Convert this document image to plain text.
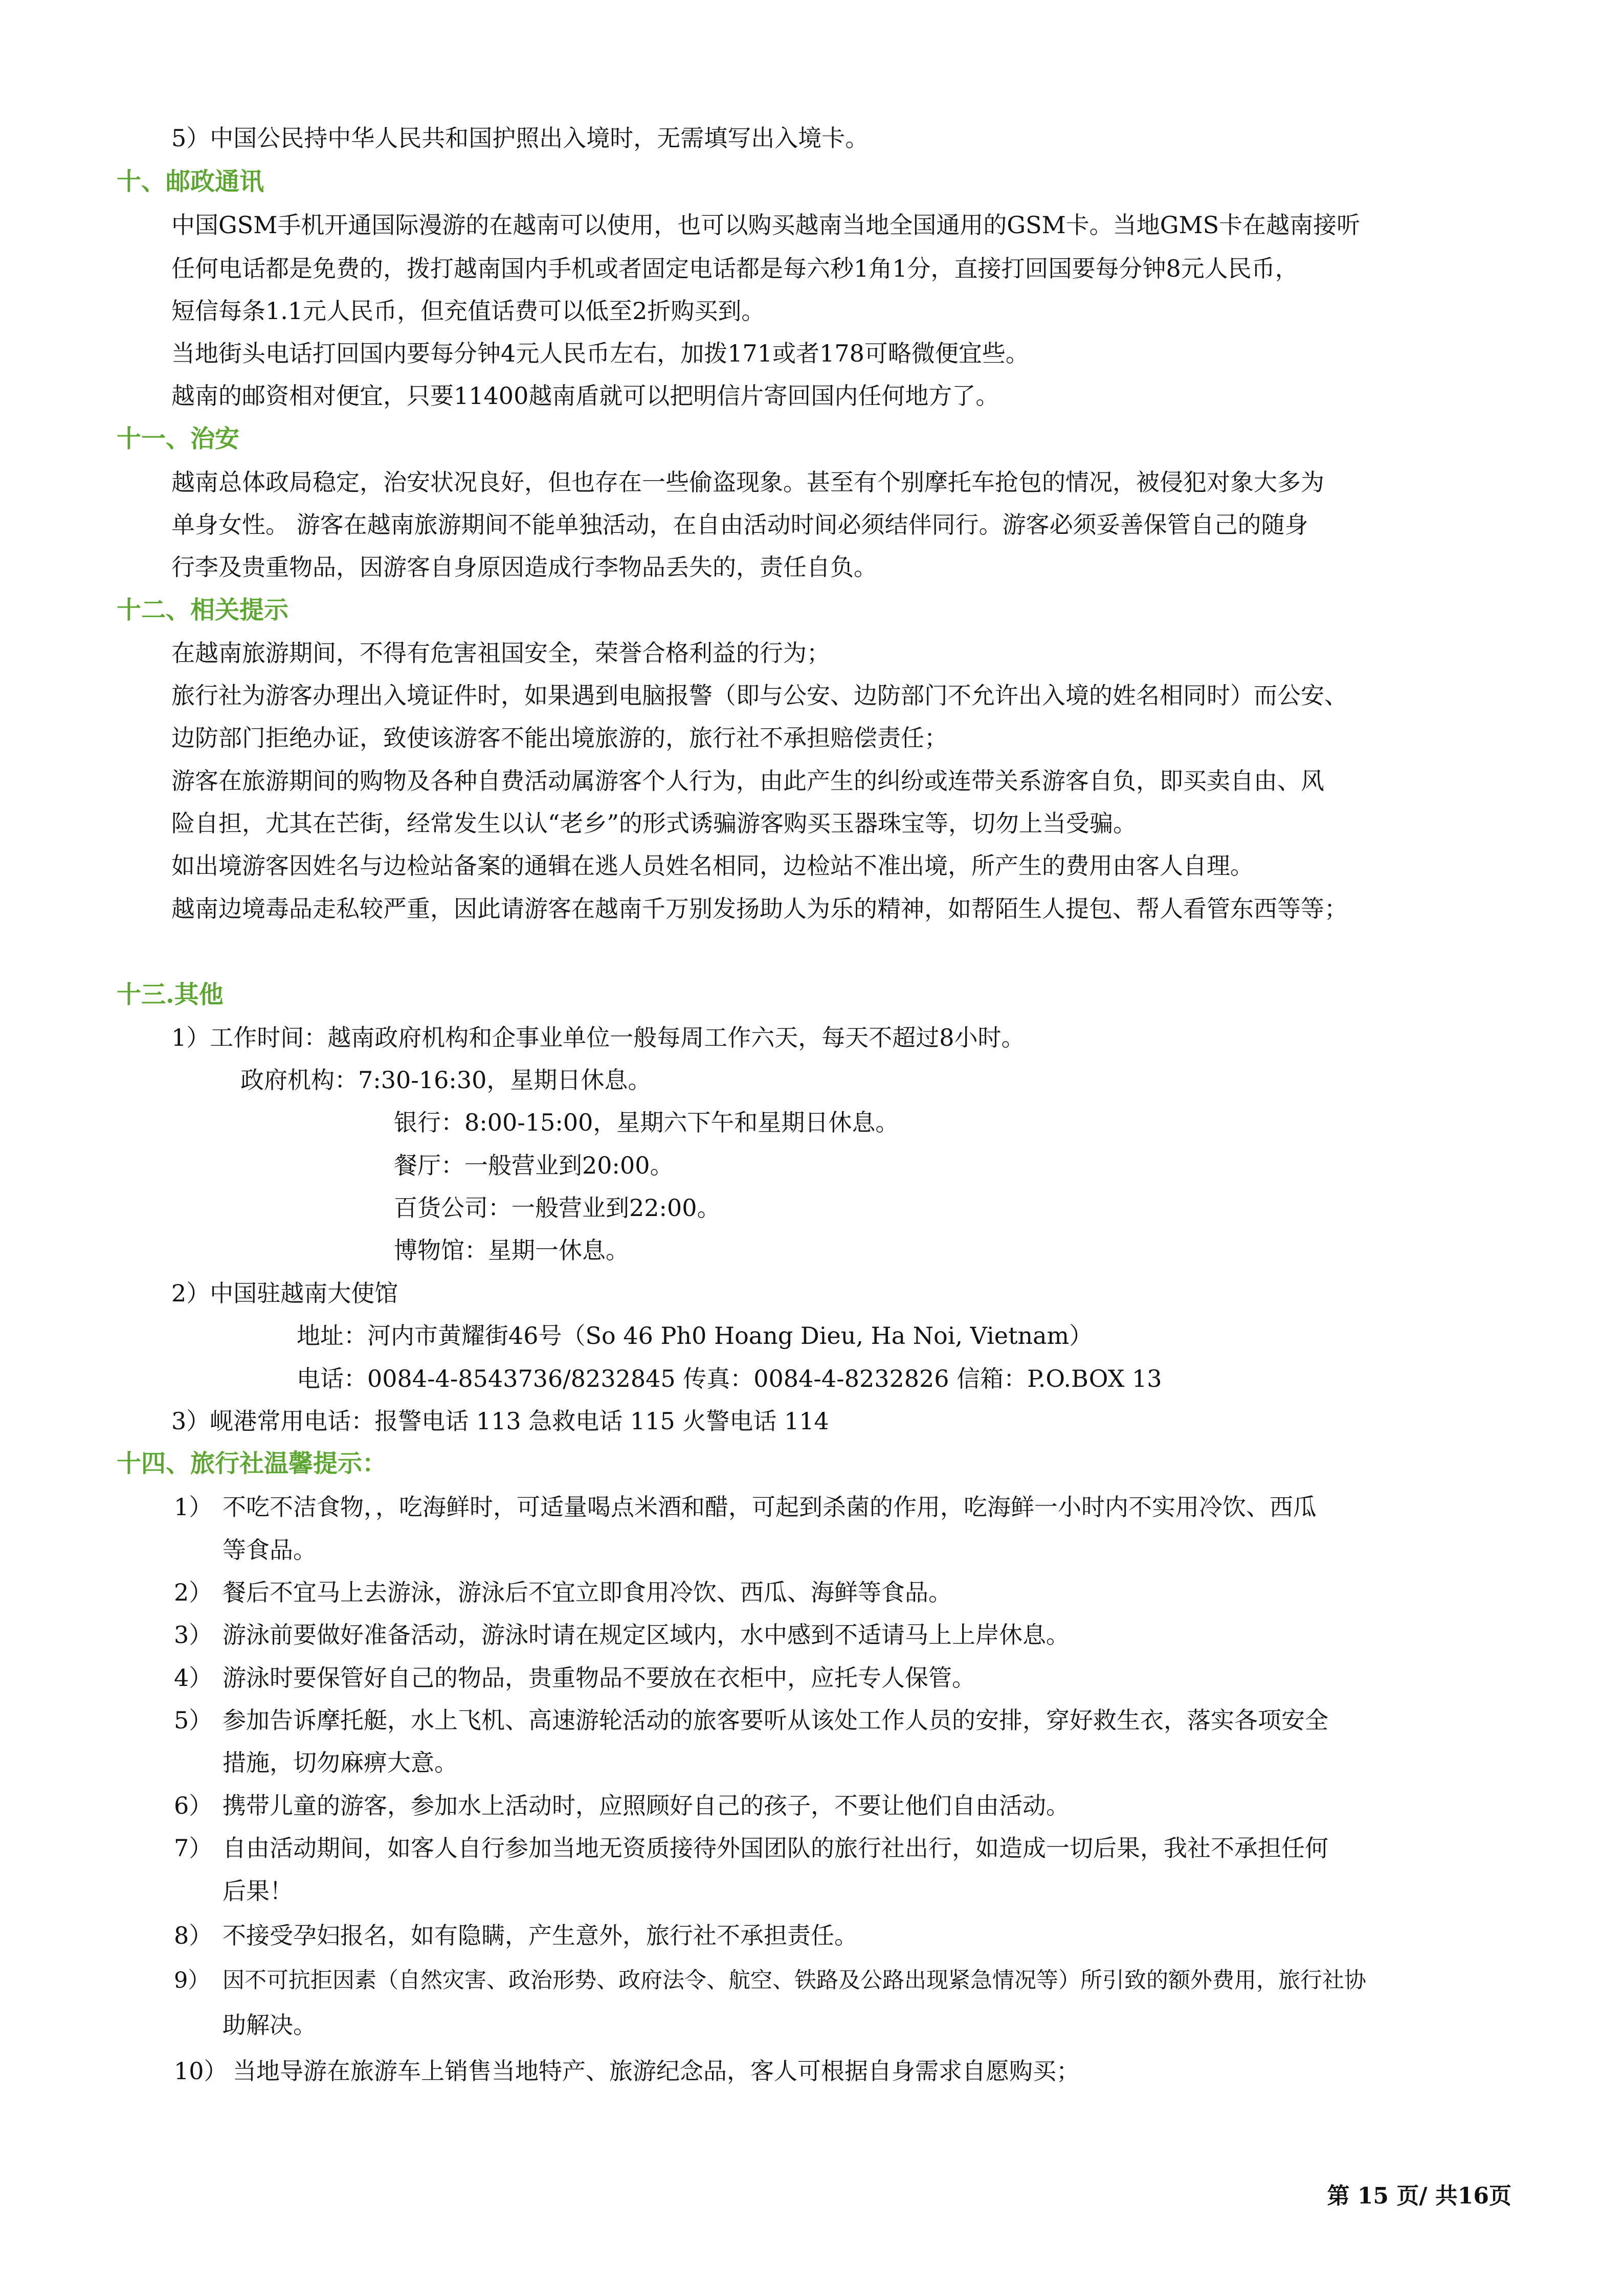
5）中国公民持中华人民共和国护照出入境时，无需填写出入境卡。
十、邮政通讯
中国GSM手机开通国际漫游的在越南可以使用，也可以购买越南当地全国通用的GSM卡。当地GMS卡在越南接听
任何电话都是免费的，拨打越南国内手机或者固定电话都是每六秒1角1分，直接打回国要每分钟8元人民币，
短信每条1.1元人民币，但充值话费可以低至2折购买到。
当地街头电话打回国内要每分钟4元人民币左右，加拨171或者178可略微便宜些。
越南的邮资相对便宜，只要11400越南盾就可以把明信片寄回国内任何地方了。
十一、治安
越南总体政局稳定，治安状况良好，但也存在一些偷盗现象。甚至有个别摩托车抢包的情况，被侵犯对象大多为
单身女性。 游客在越南旅游期间不能单独活动，在自由活动时间必须结伴同行。游客必须妥善保管自己的随身
行李及贵重物品，因游客自身原因造成行李物品丢失的，责任自负。
十二、相关提示
在越南旅游期间，不得有危害祖国安全，荣誉合格利益的行为；
旅行社为游客办理出入境证件时，如果遇到电脑报警（即与公安、边防部门不允许出入境的姓名相同时）而公安、
边防部门拒绝办证，致使该游客不能出境旅游的，旅行社不承担赔偿责任；
游客在旅游期间的购物及各种自费活动属游客个人行为，由此产生的纠纷或连带关系游客自负，即买卖自由、风
险自担，尤其在芒街，经常发生以认“老乡”的形式诱骗游客购买玉器珠宝等，切勿上当受骗。
如出境游客因姓名与边检站备案的通辑在逃人员姓名相同，边检站不准出境，所产生的费用由客人自理。
越南边境毒品走私较严重，因此请游客在越南千万别发扬助人为乐的精神，如帮陌生人提包、帮人看管东西等等；
十三.其他
1）工作时间：越南政府机构和企事业单位一般每周工作六天，每天不超过8小时。
政府机构：7:30-16:30，星期日休息。
银行：8:00-15:00，星期六下午和星期日休息。
餐厅：一般营业到20:00。
百货公司：一般营业到22:00。
博物馆：星期一休息。
2）中国驻越南大使馆
地址：河内市黄耀街46号（So 46 Ph0 Hoang Dieu, Ha Noi, Vietnam）
电话：0084-4-8543736/8232845 传真：0084-4-8232826 信箱：P.O.BOX 13
3）岘港常用电话：报警电话 113 急救电话 115 火警电话 114
十四、旅行社温馨提示：
1） 不吃不洁食物，，吃海鲜时，可适量喝点米酒和醋，可起到杀菌的作用，吃海鲜一小时内不实用冷饮、西瓜
等食品。
2） 餐后不宜马上去游泳，游泳后不宜立即食用冷饮、西瓜、海鲜等食品。
3） 游泳前要做好准备活动，游泳时请在规定区域内，水中感到不适请马上上岸休息。
4） 游泳时要保管好自己的物品，贵重物品不要放在衣柜中，应托专人保管。
5） 参加告诉摩托艇，水上飞机、高速游轮活动的旅客要听从该处工作人员的安排，穿好救生衣，落实各项安全
措施，切勿麻痹大意。
6） 携带儿童的游客，参加水上活动时，应照顾好自己的孩子，不要让他们自由活动。
7） 自由活动期间，如客人自行参加当地无资质接待外国团队的旅行社出行，如造成一切后果，我社不承担任何
后果！
8） 不接受孕妇报名，如有隐瞒，产生意外，旅行社不承担责任。
9） 因不可抗拒因素（自然灾害、政治形势、政府法令、航空、铁路及公路出现紧急情况等）所引致的额外费用，旅行社协
助解决。
10） 当地导游在旅游车上销售当地特产、旅游纪念品，客人可根据自身需求自愿购买；
第 15 页/ 共16页
